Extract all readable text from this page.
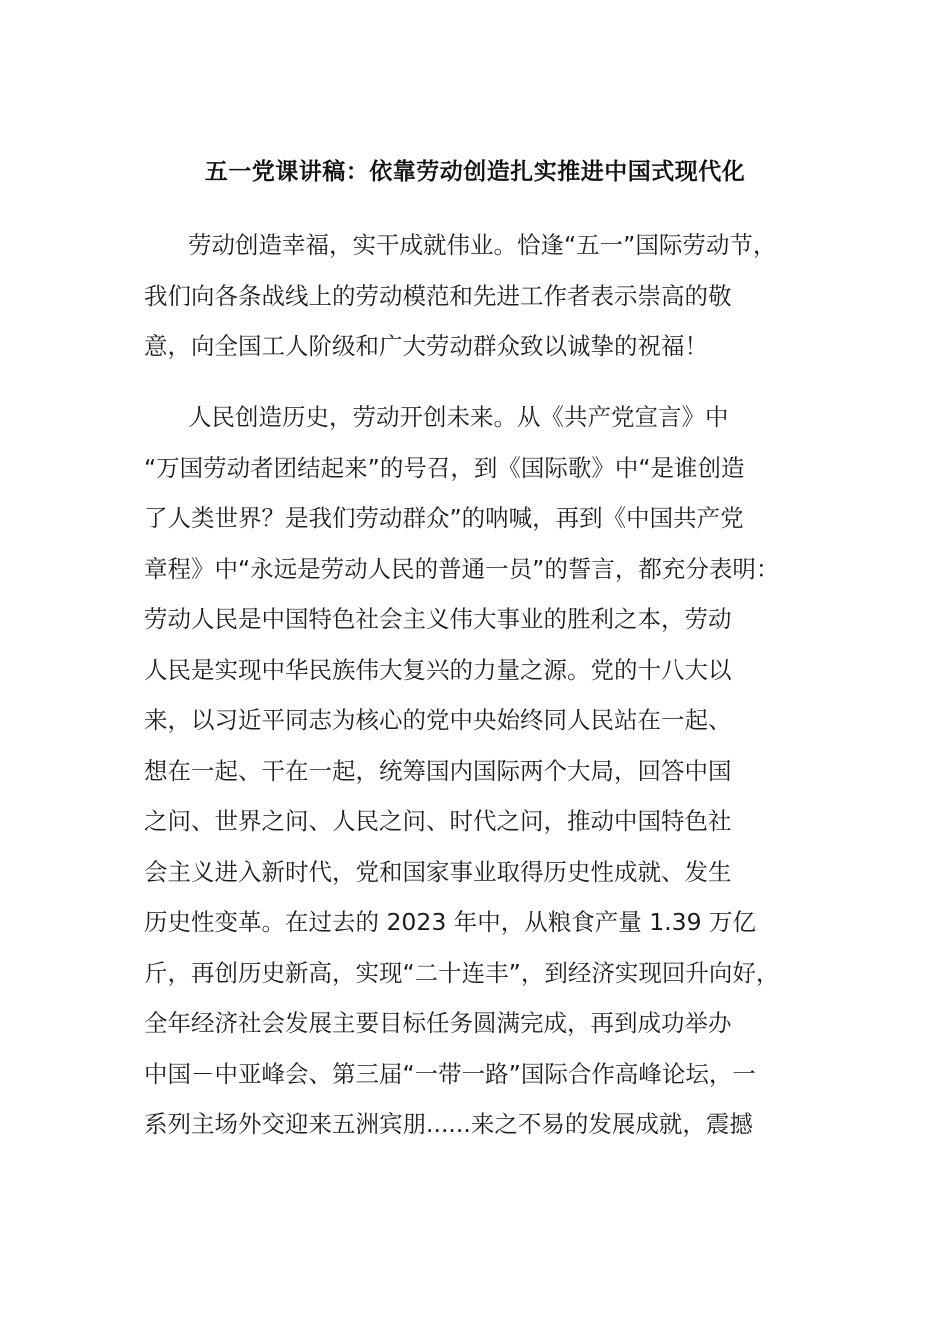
五一党课讲稿：依靠劳动创造扎实推进中国式现代化
劳动创造幸福，实干成就伟业。恰逢“五一”国际劳动节，
我们向各条战线上的劳动模范和先进工作者表示崇高的敬
意，向全国工人阶级和广大劳动群众致以诚挚的祝福！
人民创造历史，劳动开创未来。从《共产党宣言》中
“万国劳动者团结起来”的号召，到《国际歌》中“是谁创造
了人类世界？是我们劳动群众”的呐喊，再到《中国共产党
章程》中“永远是劳动人民的普通一员”的誓言，都充分表明：
劳动人民是中国特色社会主义伟大事业的胜利之本，劳动
人民是实现中华民族伟大复兴的力量之源。党的十八大以
来，以习近平同志为核心的党中央始终同人民站在一起、
想在一起、干在一起，统筹国内国际两个大局，回答中国
之问、世界之问、人民之问、时代之问，推动中国特色社
会主义进入新时代，党和国家事业取得历史性成就、发生
历史性变革。在过去的 2023 年中，从粮食产量 1.39 万亿
斤，再创历史新高，实现“二十连丰”，到经济实现回升向好，
全年经济社会发展主要目标任务圆满完成，再到成功举办
中国－中亚峰会、第三届“一带一路”国际合作高峰论坛，一
系列主场外交迎来五洲宾朋......来之不易的发展成就，震撼
